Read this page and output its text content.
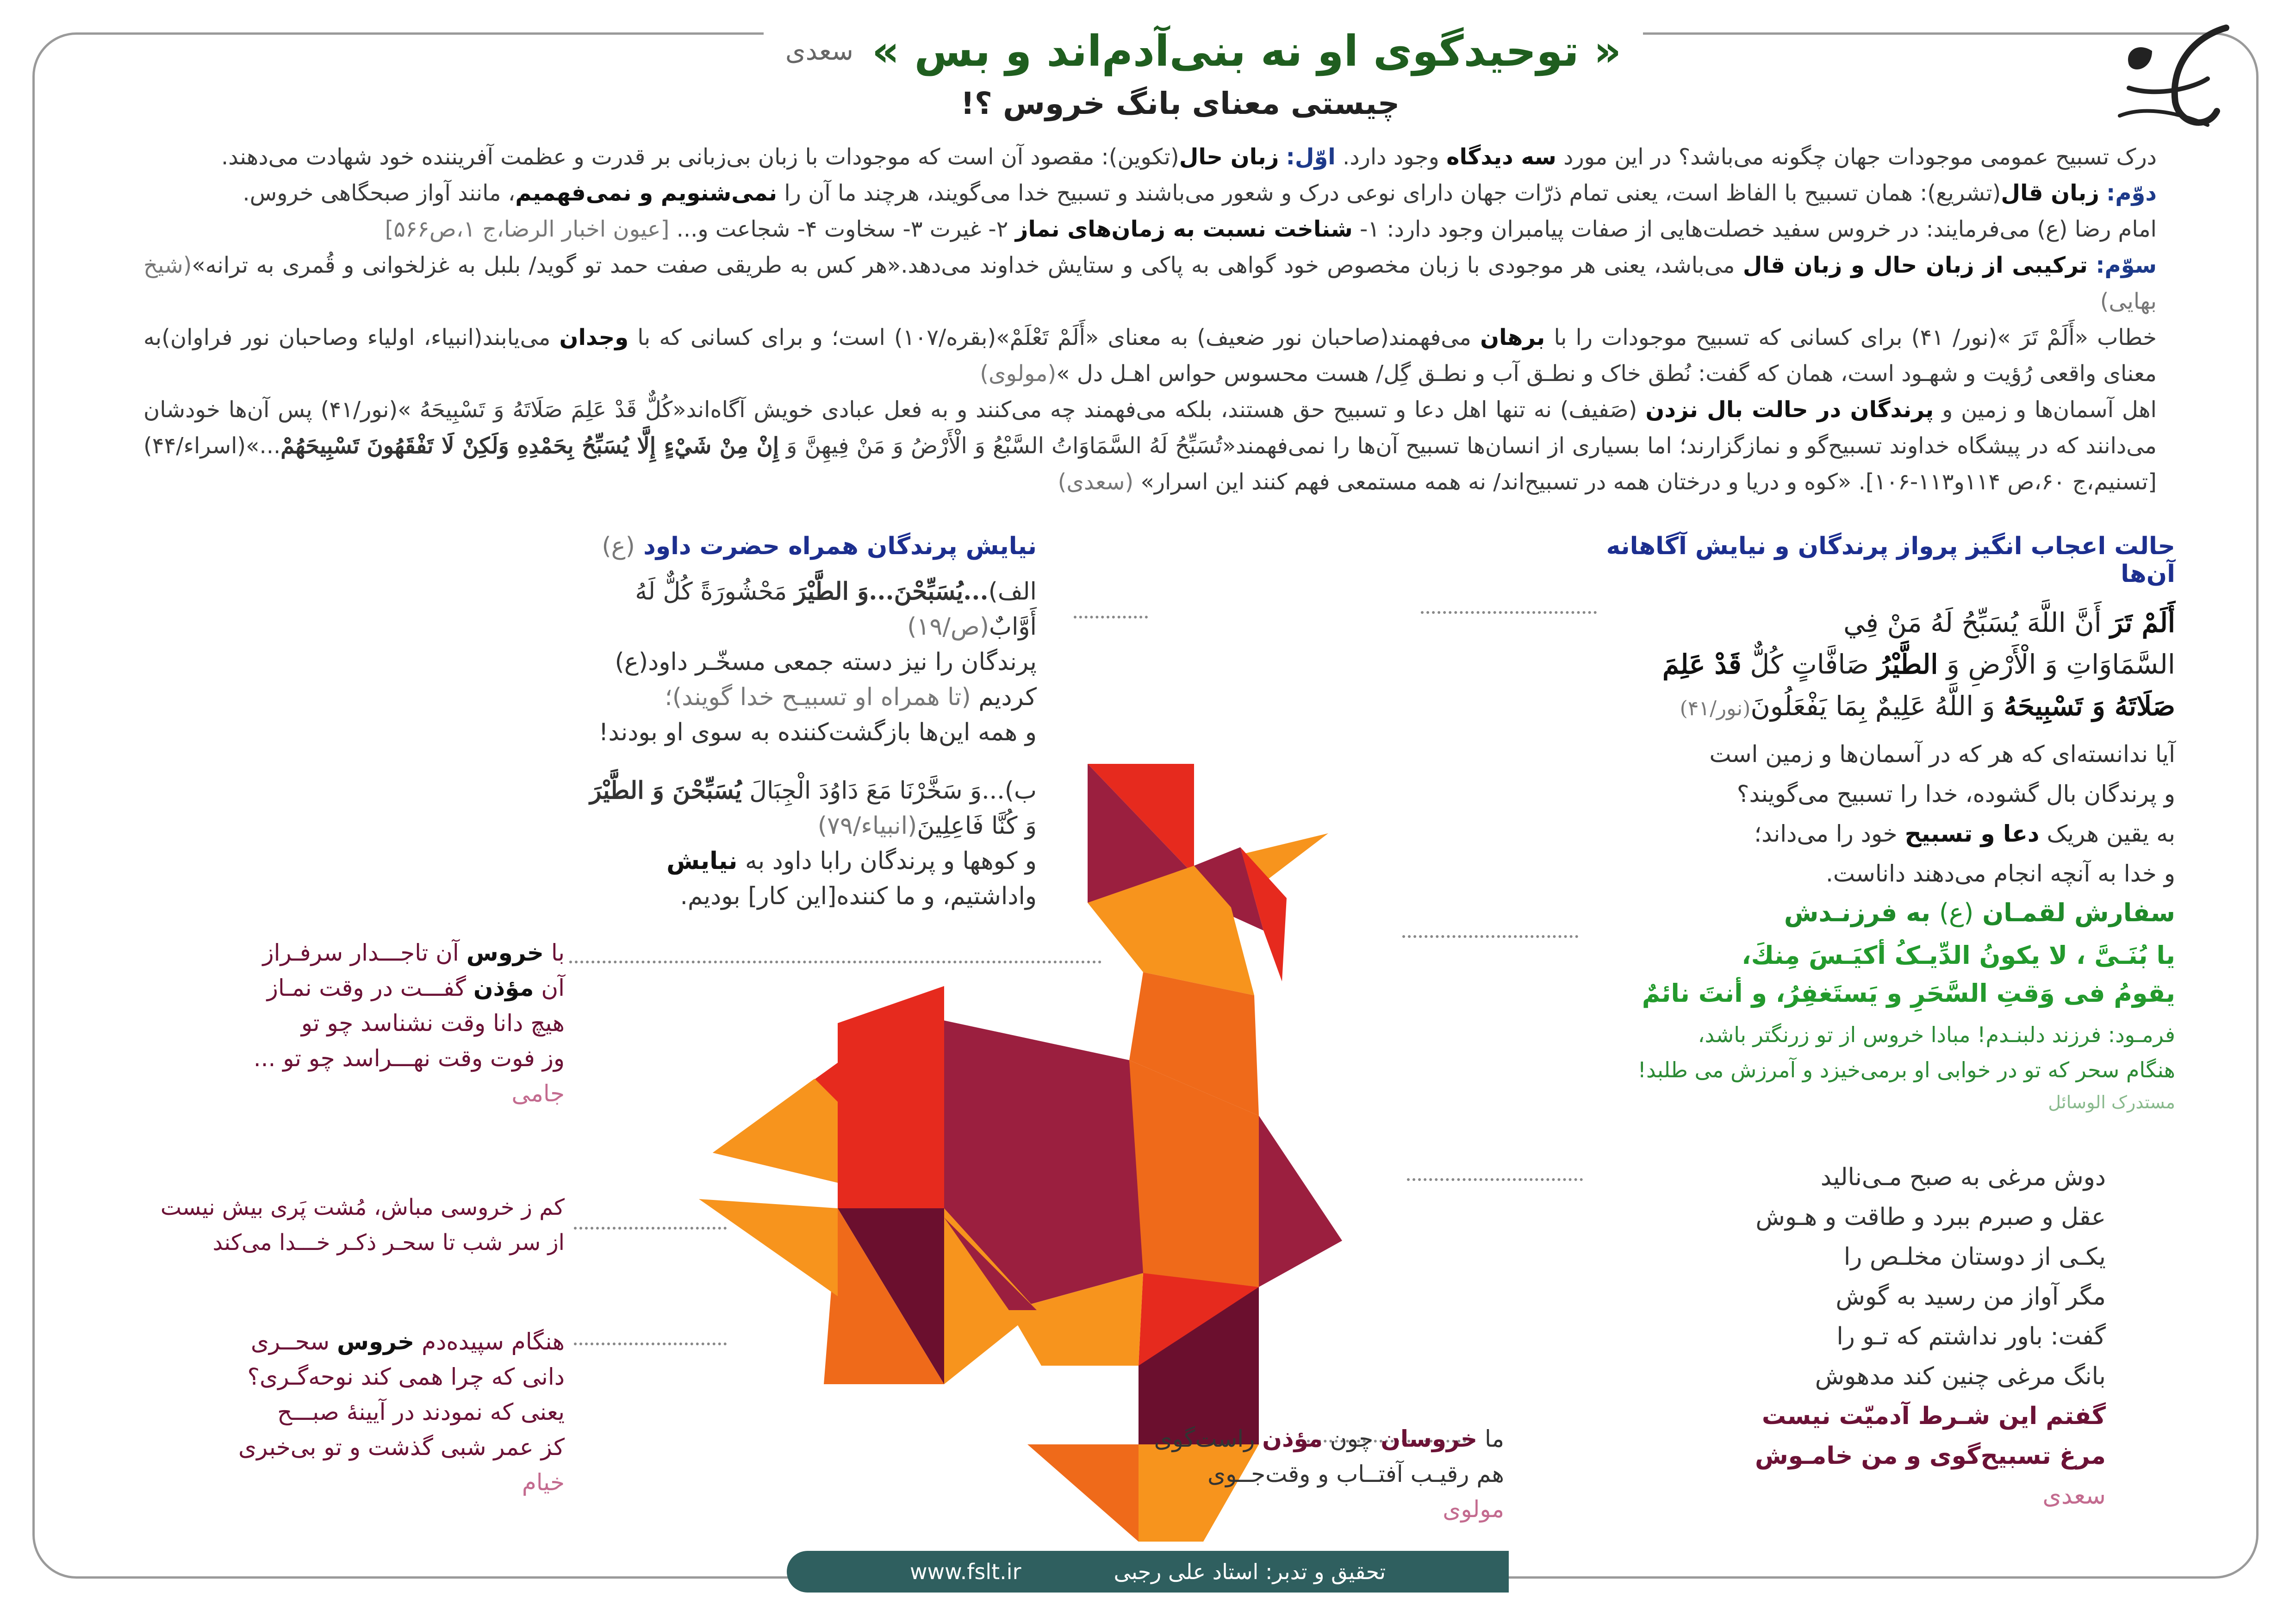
« توحیدگوی او نه بنی‌آدم‌اند و بس »
سعدی
چیستی معنای بانگ خروس ؟!

درک تسبیح عمومی موجودات جهان چگونه می‌باشد؟ در این مورد سه دیدگاه وجود دارد. اوّل: زبان حال(تکوین): مقصود آن است که موجودات با زبان بی‌زبانی بر قدرت و عظمت آفریننده خود شهادت می‌دهند.

دوّم: زبان قال(تشریع): همان تسبیح با الفاظ است، یعنی تمام ذرّات جهان دارای نوعی درک و شعور می‌باشند و تسبیح خدا می‌گویند، هرچند ما آن را نمی‌شنویم و نمی‌فهمیم، مانند آواز صبحگاهی خروس.

امام رضا (ع) می‌فرمایند: در خروس سفید خصلت‌هایی از صفات پیامبران وجود دارد: ۱- شناخت نسبت به زمان‌های نماز ۲- غیرت ۳- سخاوت ۴- شجاعت و... [عیون اخبار الرضا،ج ۱،ص۵۶۶]

سوّم: ترکیبی از زبان حال و زبان قال می‌باشد، یعنی هر موجودی با زبان مخصوص خود گواهی به پاکی و ستایش خداوند می‌دهد.«هر کس به طریقی صفت حمد تو گوید/ بلبل به غزلخوانی و قُمری به ترانه»(شیخ بهایی)

خطاب «أَلَمْ تَرَ »(نور/ ۴۱) برای کسانی که تسبیح موجودات را با برهان می‌فهمند(صاحبان نور ضعیف) به معنای «أَلَمْ تَعْلَمْ»(بقره/۱۰۷) است؛ و برای کسانی که با وجدان می‌یابند(انبیاء، اولیاء وصاحبان نور فراوان)به معنای واقعی رُؤیت و شهـود است، همان که گفت: نُطق خاک و نطـق آب و نطـق گِل/ هست محسوس حواس اهـل دل »(مولوی)

اهل آسمان‌ها و زمین و پرندگان در حالت بال نزدن (صَفیف) نه تنها اهل دعا و تسبیح حق هستند، بلکه می‌فهمند چه می‌کنند و به فعل عبادی خویش آگاه‌اند«كُلٌّ قَدْ عَلِمَ صَلَاتَهُ وَ تَسْبِيحَهُ »(نور/۴۱) پس آن‌ها خودشان می‌دانند که در پیشگاه خداوند تسبیح‌گو و نمازگزارند؛ اما بسیاری از انسان‌ها تسبیح آن‌ها را نمی‌فهمند«تُسَبِّحُ لَهُ السَّمَاوَاتُ السَّبْعُ وَ الْأَرْضُ وَ مَنْ فِيهِنَّ وَ إِنْ مِنْ شَيْءٍ إِلَّا يُسَبِّحُ بِحَمْدِهِ وَلَكِنْ لَا تَفْقَهُونَ تَسْبِيحَهُمْ...»(اسراء/۴۴)[تسنیم،ج ۶۰،ص ۱۱۴و۱۱۳-۱۰۶]. «کوه و دریا و درختان همه در تسبیح‌اند/ نه همه مستمعی فهم کنند این اسرار» (سعدی)

نیایش پرندگان همراه حضرت داود (ع)

الف)...يُسَبِّحْنَ...وَ الطَّيْرَ مَحْشُورَةً كُلٌّ لَهُ أَوَّابٌ(ص/۱۹)

پرندگان را نیز دسته جمعی مسخّـر داود(ع) کردیم (تا همراه او تسبیـح خدا گویند)؛

و همه این‌ها بازگشت‌کننده به سوی او بودند!

ب)...وَ سَخَّرْنَا مَعَ دَاوُدَ الْجِبَالَ يُسَبِّحْنَ وَ الطَّيْرَ وَ كُنَّا فَاعِلِينَ(انبیاء/۷۹)

و کوهها و پرندگان رابا داود به نیایش واداشتیم، و ما کننده[این کار] بودیم.

حالت اعجاب انگیز پرواز پرندگان و نیایش آگاهانه آن‌ها

أَلَمْ تَرَ أَنَّ اللَّهَ يُسَبِّحُ لَهُ مَنْ فِي

السَّمَاوَاتِ وَ الْأَرْضِ وَ الطَّيْرُ صَافَّاتٍ كُلٌّ قَدْ عَلِمَ

صَلَاتَهُ وَ تَسْبِيحَهُ وَ اللَّهُ عَلِيمٌ بِمَا يَفْعَلُونَ(نور/۴۱)

آیا ندانسته‌ای که هر که در آسمان‌ها و زمین است

و پرندگان بال گشوده، خدا را تسبیح می‌گویند؟

به یقین هریک دعا و تسبیح خود را می‌داند؛

و خدا به آنچه انجام می‌دهند داناست.

سفارش لقمـان (ع) به فرزنـدش

یا بُنَـیَّ ، لا یکونُ الدِّیـکُ أکیَـسَ مِنكَ،

یقومُ فی وَقتِ السَّحَرِ و یَستَغفِرُ، و أنتَ نائمٌ

فرمـود: فرزند دلبنـدم! مبادا خروس از تو زرنگتر باشد،

هنگام سحر که تو در خوابی او برمی‌خیزد و آمرزش می طلبد!

مستدرک الوسائل

دوش مرغی به صبح مـی‌نالید

عقل و صبرم ببرد و طاقت و هـوش

یکـی از دوستان مخلـص را

مگر آواز من رسید به گوش

گفت: باور نداشتم که تـو را

بانگ مرغی چنین کند مدهوش

گفتم این شـرط آدمیّت نیست

مرغ تسبیح‌گوی و من خامـوش

سعدی

با خروس آن تاجـــدار سرفـراز

آن مؤذن گفـــت در وقت نمـاز

هیچ دانا وقت نشناسد چو تو

وز فوت وقت نهـــراسد چو تو ...

جامی

کم ز خروسی مباش، مُشت پَری بیش نیست

از سر شب تا سحـر ذکـر خـــدا می‌کند

هنگام سپیده‌دم خروس سحــری

دانی که چرا همی کند نوحه‌گـری؟

یعنی که نمودند در آیینهٔ صبـــح

کز عمر شبی گذشت و تو بی‌خبری

خیام

ما خروسان چون مؤذن راست‌گوی

هم رقیـب آفتــاب و وقت‌جــوی

مولوی

تحقیق و تدبر: استاد علی رجبی
www.fslt.ir
